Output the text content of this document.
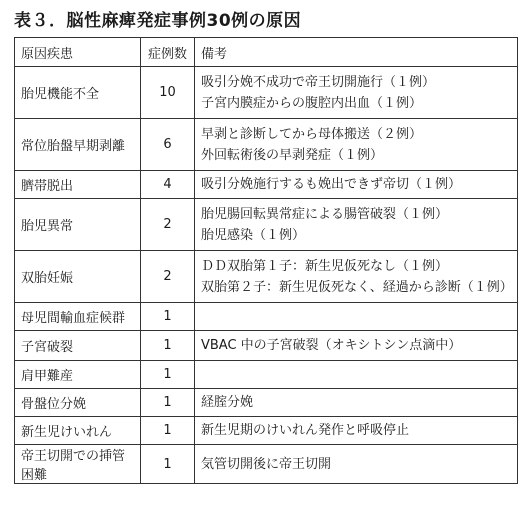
表３．脳性麻痺発症事例30例の原因
原因疾患	症例数	備考
胎児機能不全	10	吸引分娩不成功で帝王切開施行（１例）
子宮内膜症からの腹腔内出血（１例）

常位胎盤早期剥離	6	早剥と診断してから母体搬送（２例）
外回転術後の早剥発症（１例）

臍帯脱出	4	吸引分娩施行するも娩出できず帝切（１例）

胎児異常	2	胎児腸回転異常症による腸管破裂（１例）
胎児感染（１例）

双胎妊娠	2	ＤＤ双胎第１子：新生児仮死なし（１例）
双胎第２子：新生児仮死なく、経過から診断（１例）

母児間輸血症候群	1	
子宮破裂	1	VBAC 中の子宮破裂（オキシトシン点滴中）

肩甲難産	1	
骨盤位分娩	1	経腟分娩

新生児けいれん	1	新生児期のけいれん発作と呼吸停止

帝王切開での挿管困難	1	気管切開後に帝王切開
